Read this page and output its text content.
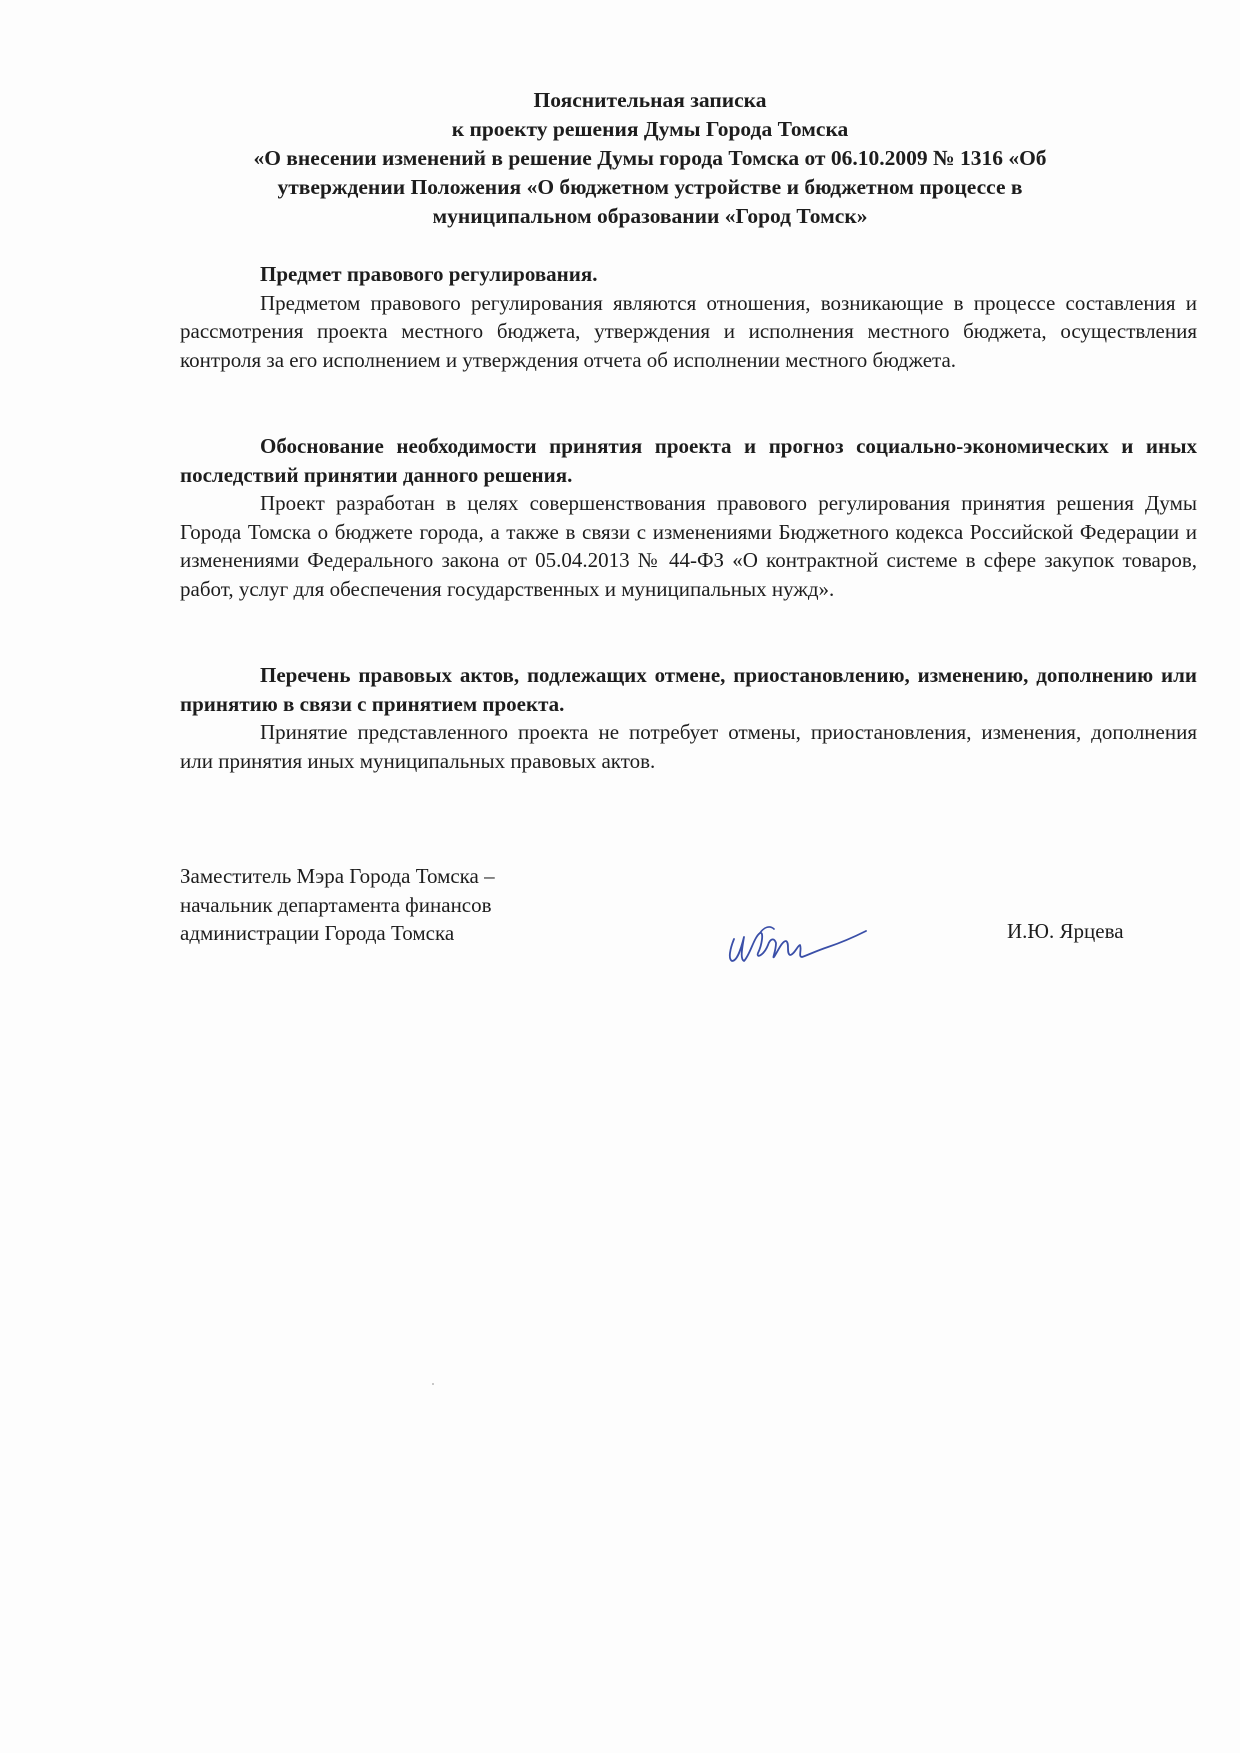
Пояснительная записка
к проекту решения Думы Города Томска
«О внесении изменений в решение Думы города Томска от 06.10.2009 № 1316 «Об
утверждении Положения «О бюджетном устройстве и бюджетном процессе в
муниципальном образовании «Город Томск»
Предмет правового регулирования.
Предметом правового регулирования являются отношения, возникающие в процессе составления и рассмотрения проекта местного бюджета, утверждения и исполнения местного бюджета, осуществления контроля за его исполнением и утверждения отчета об исполнении местного бюджета.
Обоснование необходимости принятия проекта и прогноз социально-экономических и иных последствий принятии данного решения.
Проект разработан в целях совершенствования правового регулирования принятия решения Думы Города Томска о бюджете города, а также в связи с изменениями Бюджетного кодекса Российской Федерации и изменениями Федерального закона от 05.04.2013 № 44-ФЗ «О контрактной системе в сфере закупок товаров, работ, услуг для обеспечения государственных и муниципальных нужд».
Перечень правовых актов, подлежащих отмене, приостановлению, изменению, дополнению или принятию в связи с принятием проекта.
Принятие представленного проекта не потребует отмены, приостановления, изменения, дополнения или принятия иных муниципальных правовых актов.
Заместитель Мэра Города Томска –
начальник департамента финансов
администрации Города Томска	И.Ю. Ярцева
